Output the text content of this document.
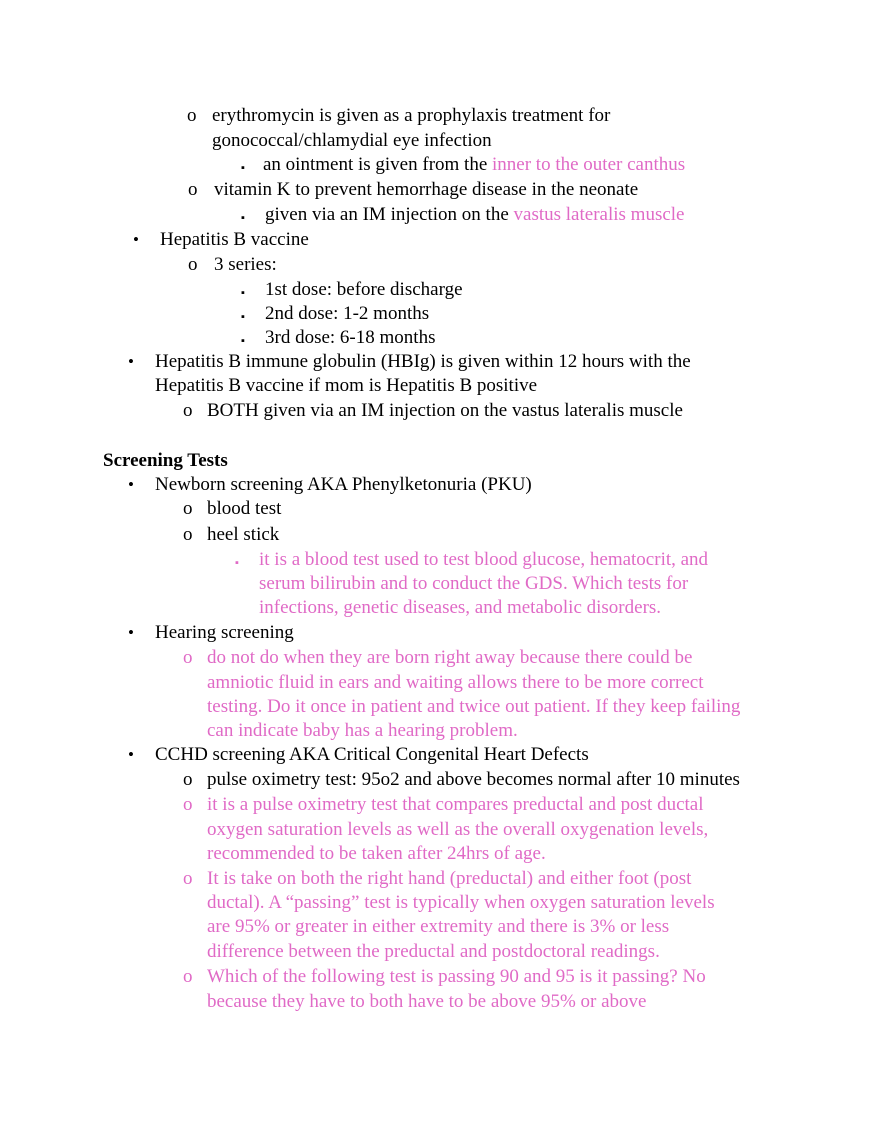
o erythromycin is given as a prophylaxis treatment for
gonococcal/chlamydial eye infection
▪ an ointment is given from the inner to the outer canthus
o vitamin K to prevent hemorrhage disease in the neonate
▪ given via an IM injection on the vastus lateralis muscle
• Hepatitis B vaccine
o 3 series:
▪ 1st dose: before discharge
▪ 2nd dose: 1-2 months
▪ 3rd dose: 6-18 months
• Hepatitis B immune globulin (HBIg) is given within 12 hours with the
Hepatitis B vaccine if mom is Hepatitis B positive
o BOTH given via an IM injection on the vastus lateralis muscle
Screening Tests
• Newborn screening AKA Phenylketonuria (PKU)
o blood test
o heel stick
▪ it is a blood test used to test blood glucose, hematocrit, and
serum bilirubin and to conduct the GDS. Which tests for
infections, genetic diseases, and metabolic disorders.
• Hearing screening
o do not do when they are born right away because there could be
amniotic fluid in ears and waiting allows there to be more correct
testing. Do it once in patient and twice out patient. If they keep failing
can indicate baby has a hearing problem.
• CCHD screening AKA Critical Congenital Heart Defects
o pulse oximetry test: 95o2 and above becomes normal after 10 minutes
o it is a pulse oximetry test that compares preductal and post ductal
oxygen saturation levels as well as the overall oxygenation levels,
recommended to be taken after 24hrs of age.
o It is take on both the right hand (preductal) and either foot (post
ductal). A “passing” test is typically when oxygen saturation levels
are 95% or greater in either extremity and there is 3% or less
difference between the preductal and postdoctoral readings.
o Which of the following test is passing 90 and 95 is it passing? No
because they have to both have to be above 95% or above
